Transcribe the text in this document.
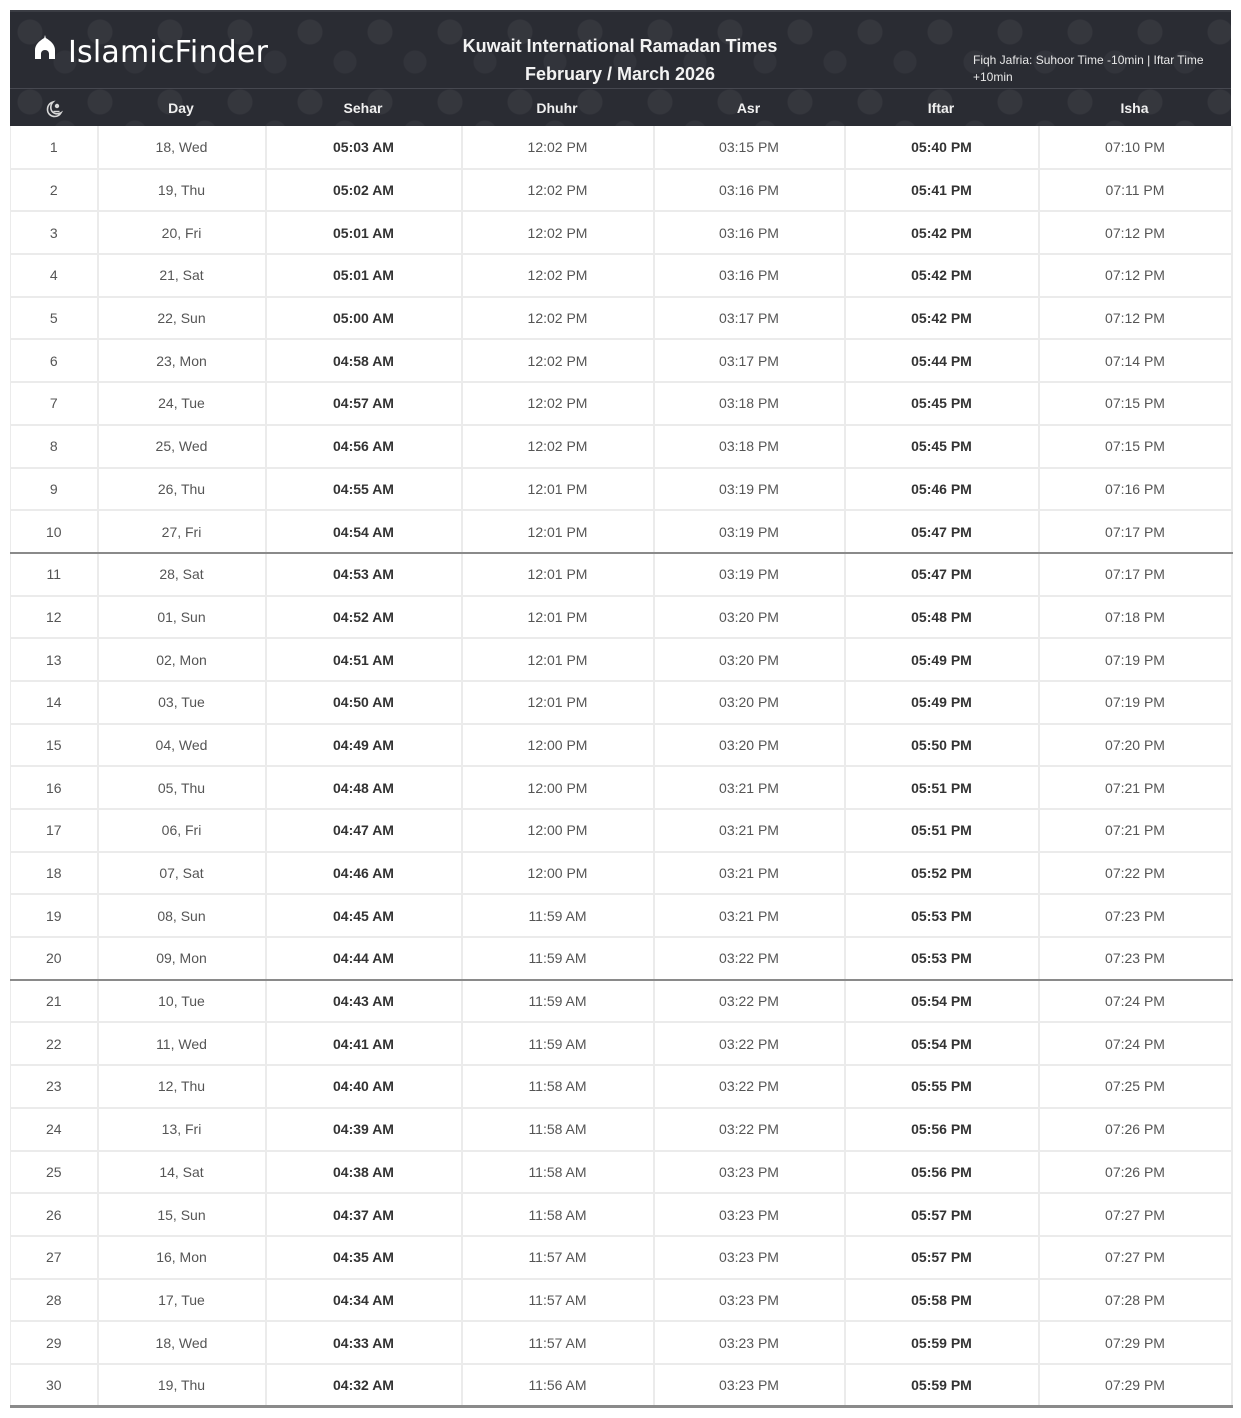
IslamicFinder	Kuwait International Ramadan Times
February / March 2026
Fiqh Jafria: Suhoor Time -10min | Iftar Time +10min
Day	Sehar	Dhuhr	Asr	Iftar	Isha
1	18, Wed	05:03 AM	12:02 PM	03:15 PM	05:40 PM	07:10 PM
2	19, Thu	05:02 AM	12:02 PM	03:16 PM	05:41 PM	07:11 PM
3	20, Fri	05:01 AM	12:02 PM	03:16 PM	05:42 PM	07:12 PM
4	21, Sat	05:01 AM	12:02 PM	03:16 PM	05:42 PM	07:12 PM
5	22, Sun	05:00 AM	12:02 PM	03:17 PM	05:42 PM	07:12 PM
6	23, Mon	04:58 AM	12:02 PM	03:17 PM	05:44 PM	07:14 PM
7	24, Tue	04:57 AM	12:02 PM	03:18 PM	05:45 PM	07:15 PM
8	25, Wed	04:56 AM	12:02 PM	03:18 PM	05:45 PM	07:15 PM
9	26, Thu	04:55 AM	12:01 PM	03:19 PM	05:46 PM	07:16 PM
10	27, Fri	04:54 AM	12:01 PM	03:19 PM	05:47 PM	07:17 PM
11	28, Sat	04:53 AM	12:01 PM	03:19 PM	05:47 PM	07:17 PM
12	01, Sun	04:52 AM	12:01 PM	03:20 PM	05:48 PM	07:18 PM
13	02, Mon	04:51 AM	12:01 PM	03:20 PM	05:49 PM	07:19 PM
14	03, Tue	04:50 AM	12:01 PM	03:20 PM	05:49 PM	07:19 PM
15	04, Wed	04:49 AM	12:00 PM	03:20 PM	05:50 PM	07:20 PM
16	05, Thu	04:48 AM	12:00 PM	03:21 PM	05:51 PM	07:21 PM
17	06, Fri	04:47 AM	12:00 PM	03:21 PM	05:51 PM	07:21 PM
18	07, Sat	04:46 AM	12:00 PM	03:21 PM	05:52 PM	07:22 PM
19	08, Sun	04:45 AM	11:59 AM	03:21 PM	05:53 PM	07:23 PM
20	09, Mon	04:44 AM	11:59 AM	03:22 PM	05:53 PM	07:23 PM
21	10, Tue	04:43 AM	11:59 AM	03:22 PM	05:54 PM	07:24 PM
22	11, Wed	04:41 AM	11:59 AM	03:22 PM	05:54 PM	07:24 PM
23	12, Thu	04:40 AM	11:58 AM	03:22 PM	05:55 PM	07:25 PM
24	13, Fri	04:39 AM	11:58 AM	03:22 PM	05:56 PM	07:26 PM
25	14, Sat	04:38 AM	11:58 AM	03:23 PM	05:56 PM	07:26 PM
26	15, Sun	04:37 AM	11:58 AM	03:23 PM	05:57 PM	07:27 PM
27	16, Mon	04:35 AM	11:57 AM	03:23 PM	05:57 PM	07:27 PM
28	17, Tue	04:34 AM	11:57 AM	03:23 PM	05:58 PM	07:28 PM
29	18, Wed	04:33 AM	11:57 AM	03:23 PM	05:59 PM	07:29 PM
30	19, Thu	04:32 AM	11:56 AM	03:23 PM	05:59 PM	07:29 PM
